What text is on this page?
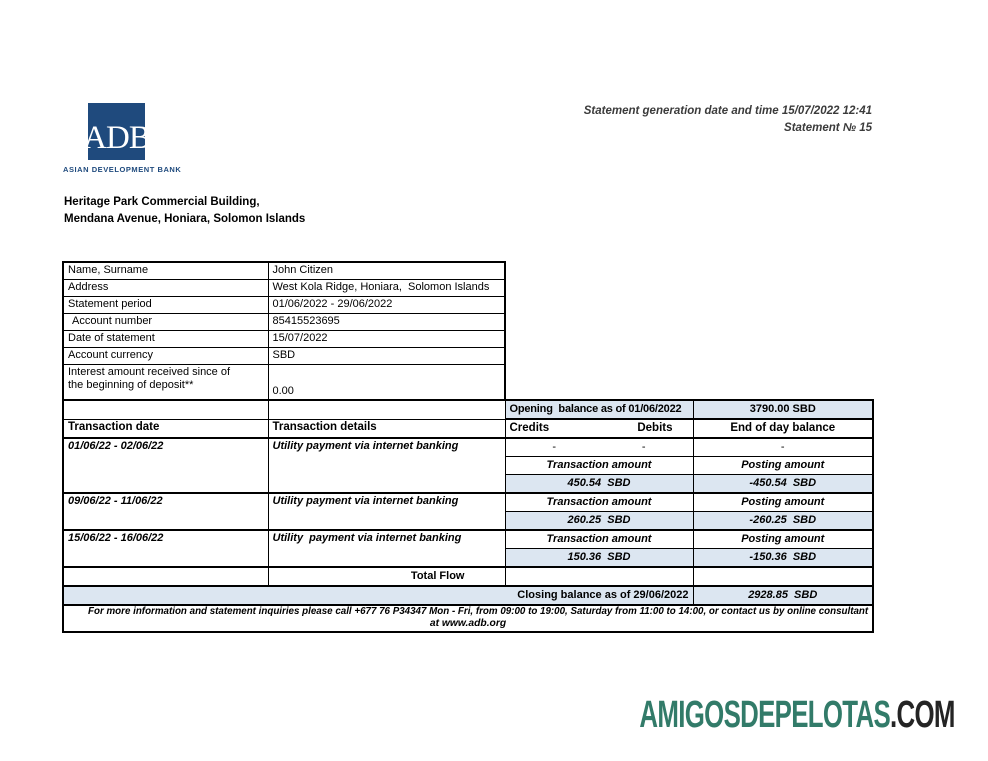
Statement generation date and time 15/07/2022 12:41
Statement № 15
ADB
ASIAN DEVELOPMENT BANK
Heritage Park Commercial Building,
Mendana Avenue, Honiara, Solomon Islands
Name, Surname	John Citizen
Address	West Kola Ridge, Honiara,  Solomon Islands
Statement period	01/06/2022 - 29/06/2022
Account number	85415523695
Date of statement	15/07/2022
Account currency	SBD

Interest amount received since of
the beginning of deposit**	0.00
		Opening  balance as of 01/06/2022	3790.00 SBD
Transaction date	Transaction details	Credits Debits	End of day balance
01/06/22 - 02/06/22	Utility payment via internet banking	- -	-
		Transaction amount	Posting amount
		450.54  SBD	-450.54  SBD
09/06/22 - 11/06/22	Utility payment via internet banking	Transaction amount	Posting amount
		260.25  SBD	-260.25  SBD
15/06/22 - 16/06/22	Utility  payment via internet banking	Transaction amount	Posting amount
		150.36  SBD	-150.36  SBD
	Total Flow		
Closing balance as of 29/06/2022			2928.85  SBD

For more information and statement inquiries please call +677 76 P34347 Mon - Fri, from 09:00 to 19:00, Saturday from 11:00 to 14:00, or contact us by online consultant
at www.adb.org			
AMIGOSDEPELOTAS.COM
